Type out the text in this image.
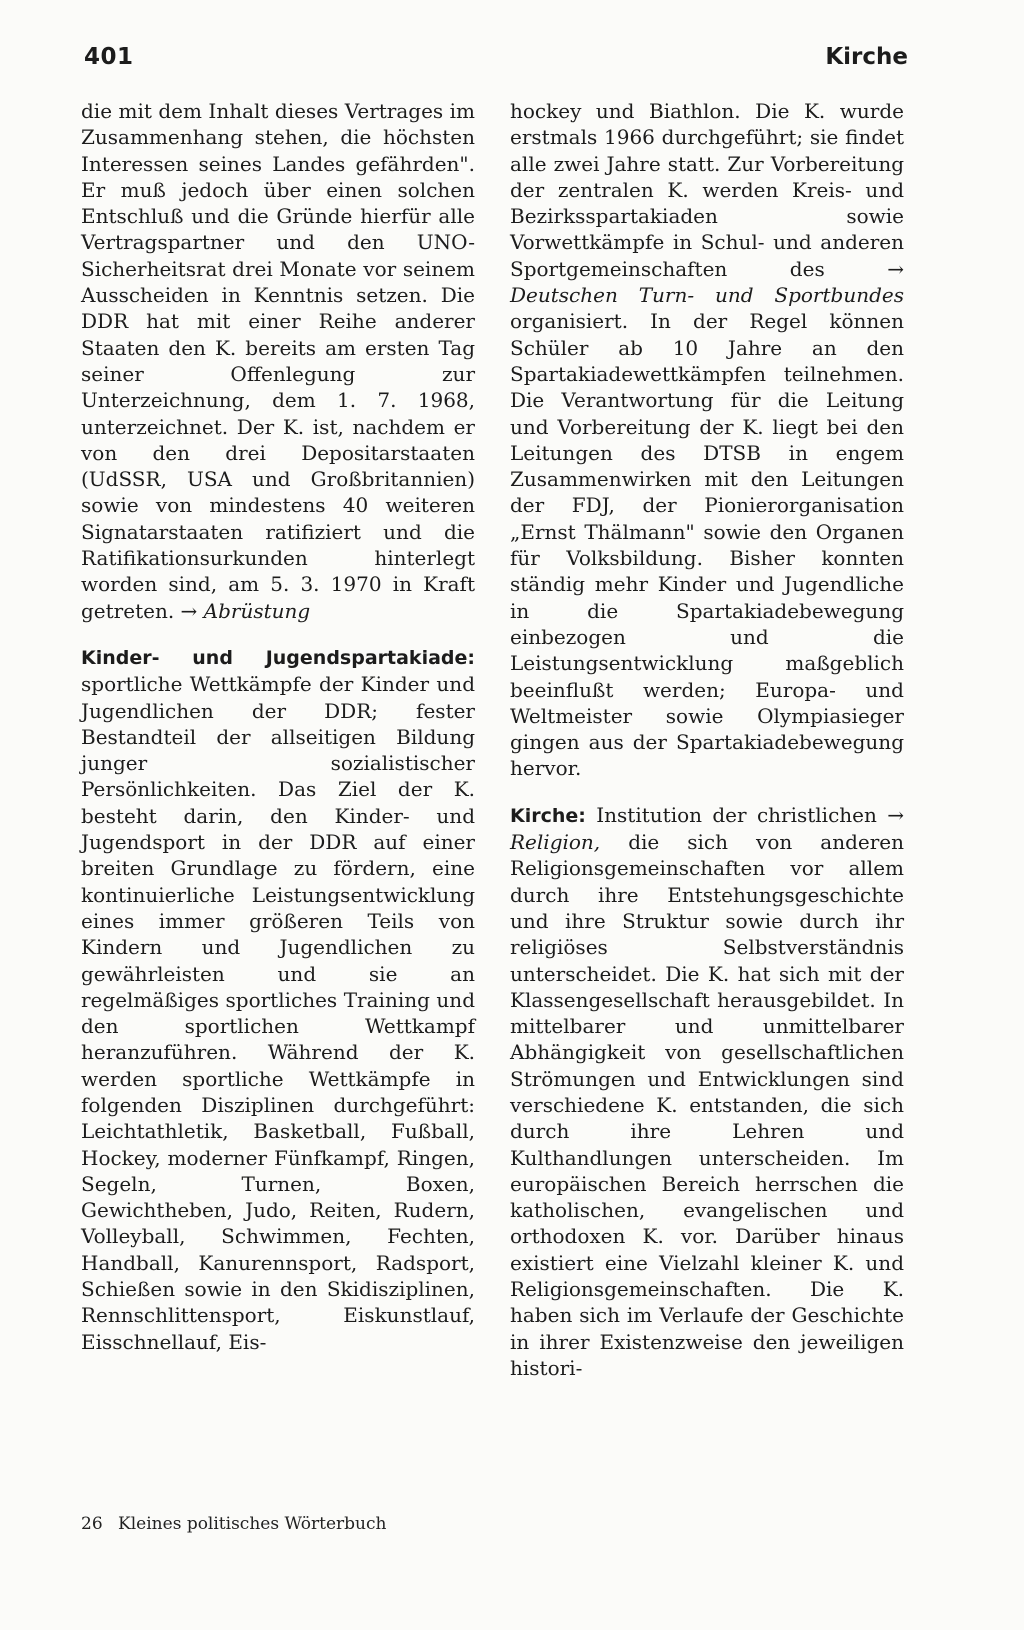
401	Kirche

die mit dem Inhalt dieses Vertrages im Zusammenhang stehen, die höchsten Interessen seines Landes gefährden". Er muß jedoch über einen solchen Entschluß und die Gründe hierfür alle Vertragspartner und den UNO-Sicherheitsrat drei Monate vor seinem Ausscheiden in Kenntnis setzen. Die DDR hat mit einer Reihe anderer Staaten den K. bereits am ersten Tag seiner Offenlegung zur Unterzeichnung, dem 1. 7. 1968, unterzeichnet. Der K. ist, nachdem er von den drei Depositarstaaten (UdSSR, USA und Großbritannien) sowie von mindestens 40 weiteren Signatarstaaten ratifiziert und die Ratifikationsurkunden hinterlegt worden sind, am 5. 3. 1970 in Kraft getreten. → Abrüstung

Kinder- und Jugendspartakiade: sportliche Wettkämpfe der Kinder und Jugendlichen der DDR; fester Bestandteil der allseitigen Bildung junger sozialistischer Persönlichkeiten. Das Ziel der K. besteht darin, den Kinder- und Jugendsport in der DDR auf einer breiten Grundlage zu fördern, eine kontinuierliche Leistungsentwicklung eines immer größeren Teils von Kindern und Jugendlichen zu gewährleisten und sie an regelmäßiges sportliches Training und den sportlichen Wettkampf heranzuführen. Während der K. werden sportliche Wettkämpfe in folgenden Disziplinen durchgeführt: Leichtathletik, Basketball, Fußball, Hockey, moderner Fünfkampf, Ringen, Segeln, Turnen, Boxen, Gewichtheben, Judo, Reiten, Rudern, Volleyball, Schwimmen, Fechten, Handball, Kanurennsport, Radsport, Schießen sowie in den Skidisziplinen, Rennschlittensport, Eiskunstlauf, Eisschnellauf, Eis-

hockey und Biathlon. Die K. wurde erstmals 1966 durchgeführt; sie findet alle zwei Jahre statt. Zur Vorbereitung der zentralen K. werden Kreis- und Bezirksspartakiaden sowie Vorwettkämpfe in Schul- und anderen Sportgemeinschaften des	→ Deutschen Turn- und Sportbundes organisiert. In der Regel können Schüler ab 10 Jahre an den Spartakiadewettkämpfen teilnehmen. Die Verantwortung für die Leitung und Vorbereitung der K. liegt bei den Leitungen des DTSB in engem Zusammenwirken mit den Leitungen der FDJ, der Pionierorganisation „Ernst Thälmann" sowie den Organen für Volksbildung. Bisher konnten ständig mehr Kinder und Jugendliche in die Spartakiadebewegung einbezogen und die Leistungsentwicklung maßgeblich beeinflußt werden; Europa- und Weltmeister sowie Olympiasieger gingen aus der Spartakiadebewegung hervor.

Kirche: Institution der christlichen → Religion, die sich von anderen Religionsgemeinschaften vor allem durch ihre Entstehungsgeschichte und ihre Struktur sowie durch ihr religiöses Selbstverständnis unterscheidet. Die K. hat sich mit der Klassengesellschaft herausgebildet. In mittelbarer und unmittelbarer Abhängigkeit von gesellschaftlichen Strömungen und Entwicklungen sind verschiedene K. entstanden, die sich durch ihre Lehren und Kulthandlungen unterscheiden. Im europäischen Bereich herrschen die katholischen, evangelischen und orthodoxen K. vor. Darüber hinaus existiert eine Vielzahl kleiner K. und Religionsgemeinschaften. Die K. haben sich im Verlaufe der Geschichte in ihrer Existenzweise den jeweiligen histori-

26 Kleines politisches Wörterbuch
